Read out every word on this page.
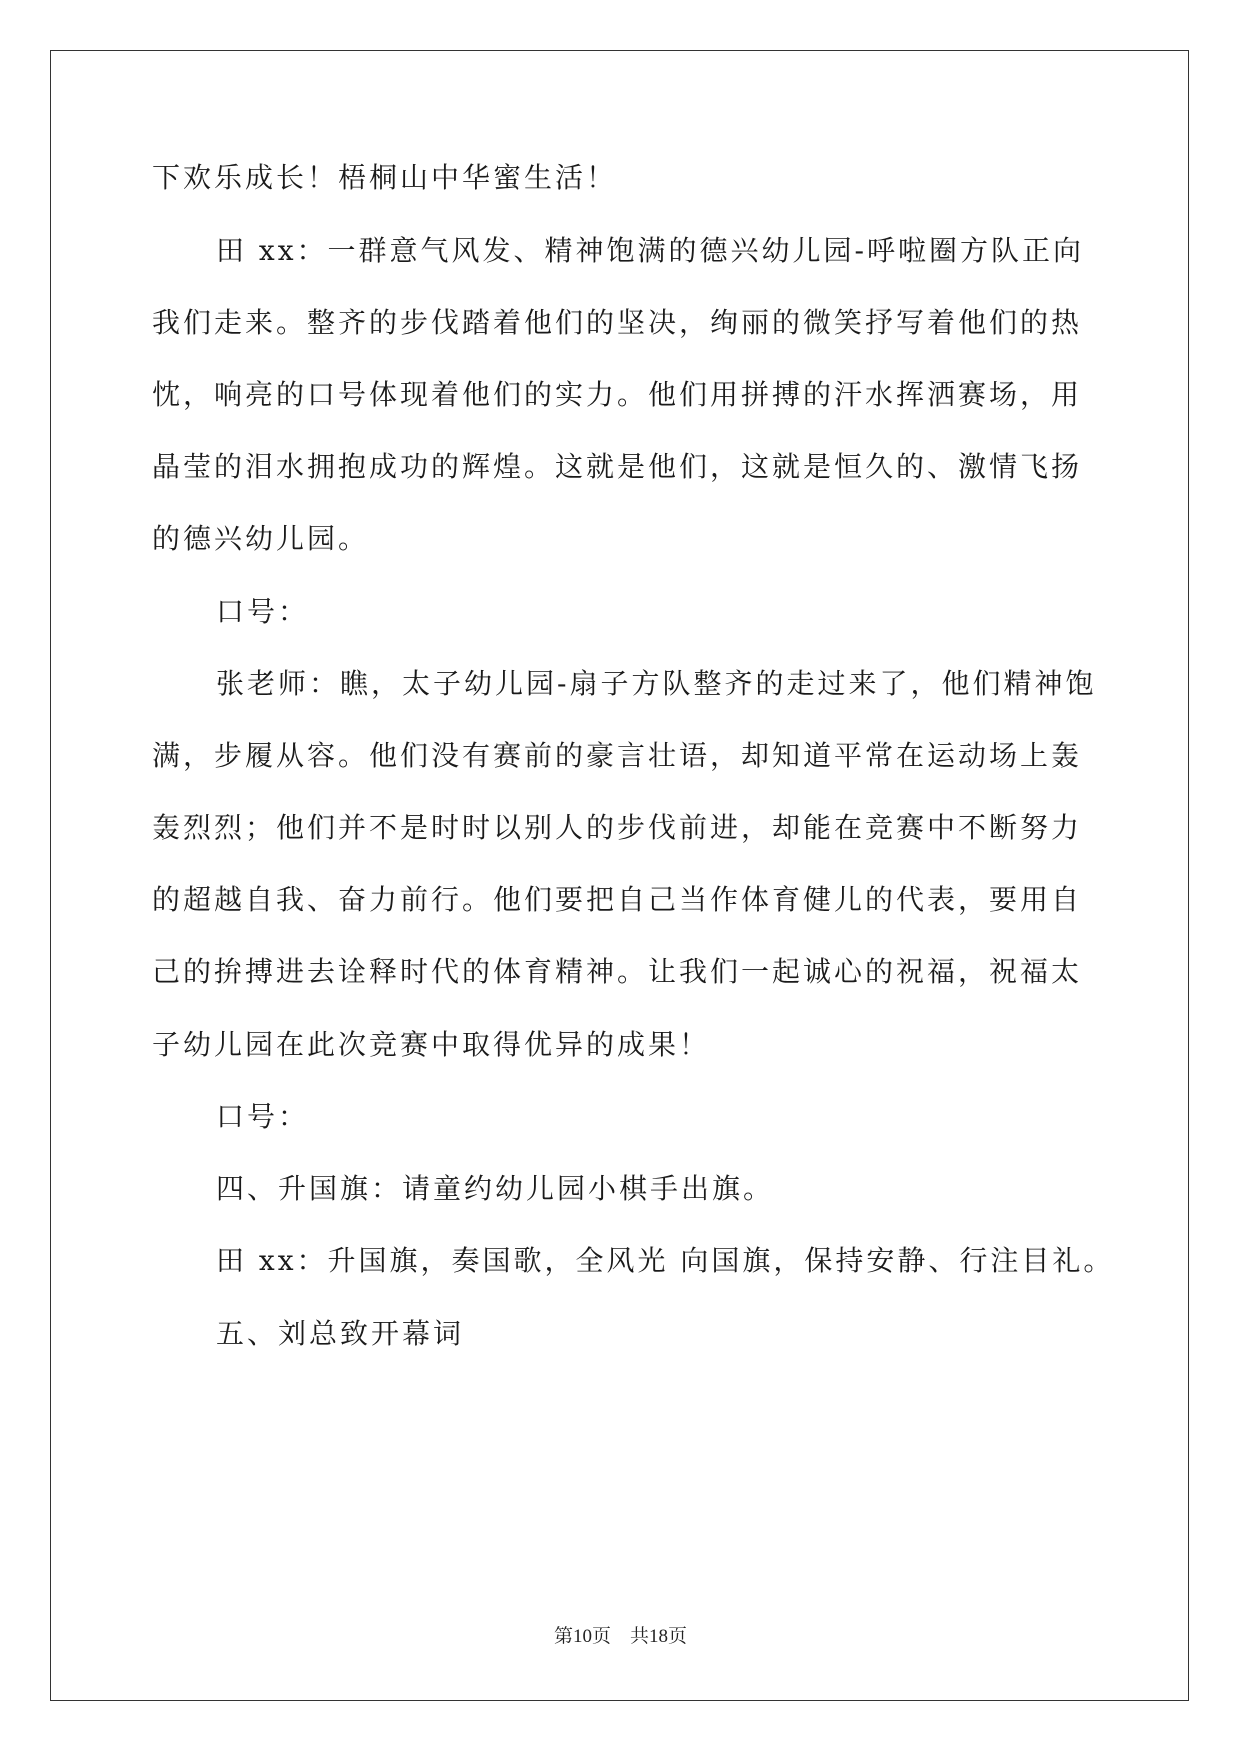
下欢乐成长！梧桐山中华蜜生活！
田 xx：一群意气风发、精神饱满的德兴幼儿园-呼啦圈方队正向
我们走来。整齐的步伐踏着他们的坚决，绚丽的微笑抒写着他们的热
忱，响亮的口号体现着他们的实力。他们用拼搏的汗水挥洒赛场，用
晶莹的泪水拥抱成功的辉煌。这就是他们，这就是恒久的、激情飞扬
的德兴幼儿园。
口号：
张老师：瞧，太子幼儿园-扇子方队整齐的走过来了，他们精神饱
满，步履从容。他们没有赛前的豪言壮语，却知道平常在运动场上轰
轰烈烈；他们并不是时时以别人的步伐前进，却能在竞赛中不断努力
的超越自我、奋力前行。他们要把自己当作体育健儿的代表，要用自
己的拚搏进去诠释时代的体育精神。让我们一起诚心的祝福，祝福太
子幼儿园在此次竞赛中取得优异的成果！
口号：
四、升国旗：请童约幼儿园小棋手出旗。
田 xx：升国旗，奏国歌，全风光 向国旗，保持安静、行注目礼。
五、刘总致开幕词
第10页　共18页
